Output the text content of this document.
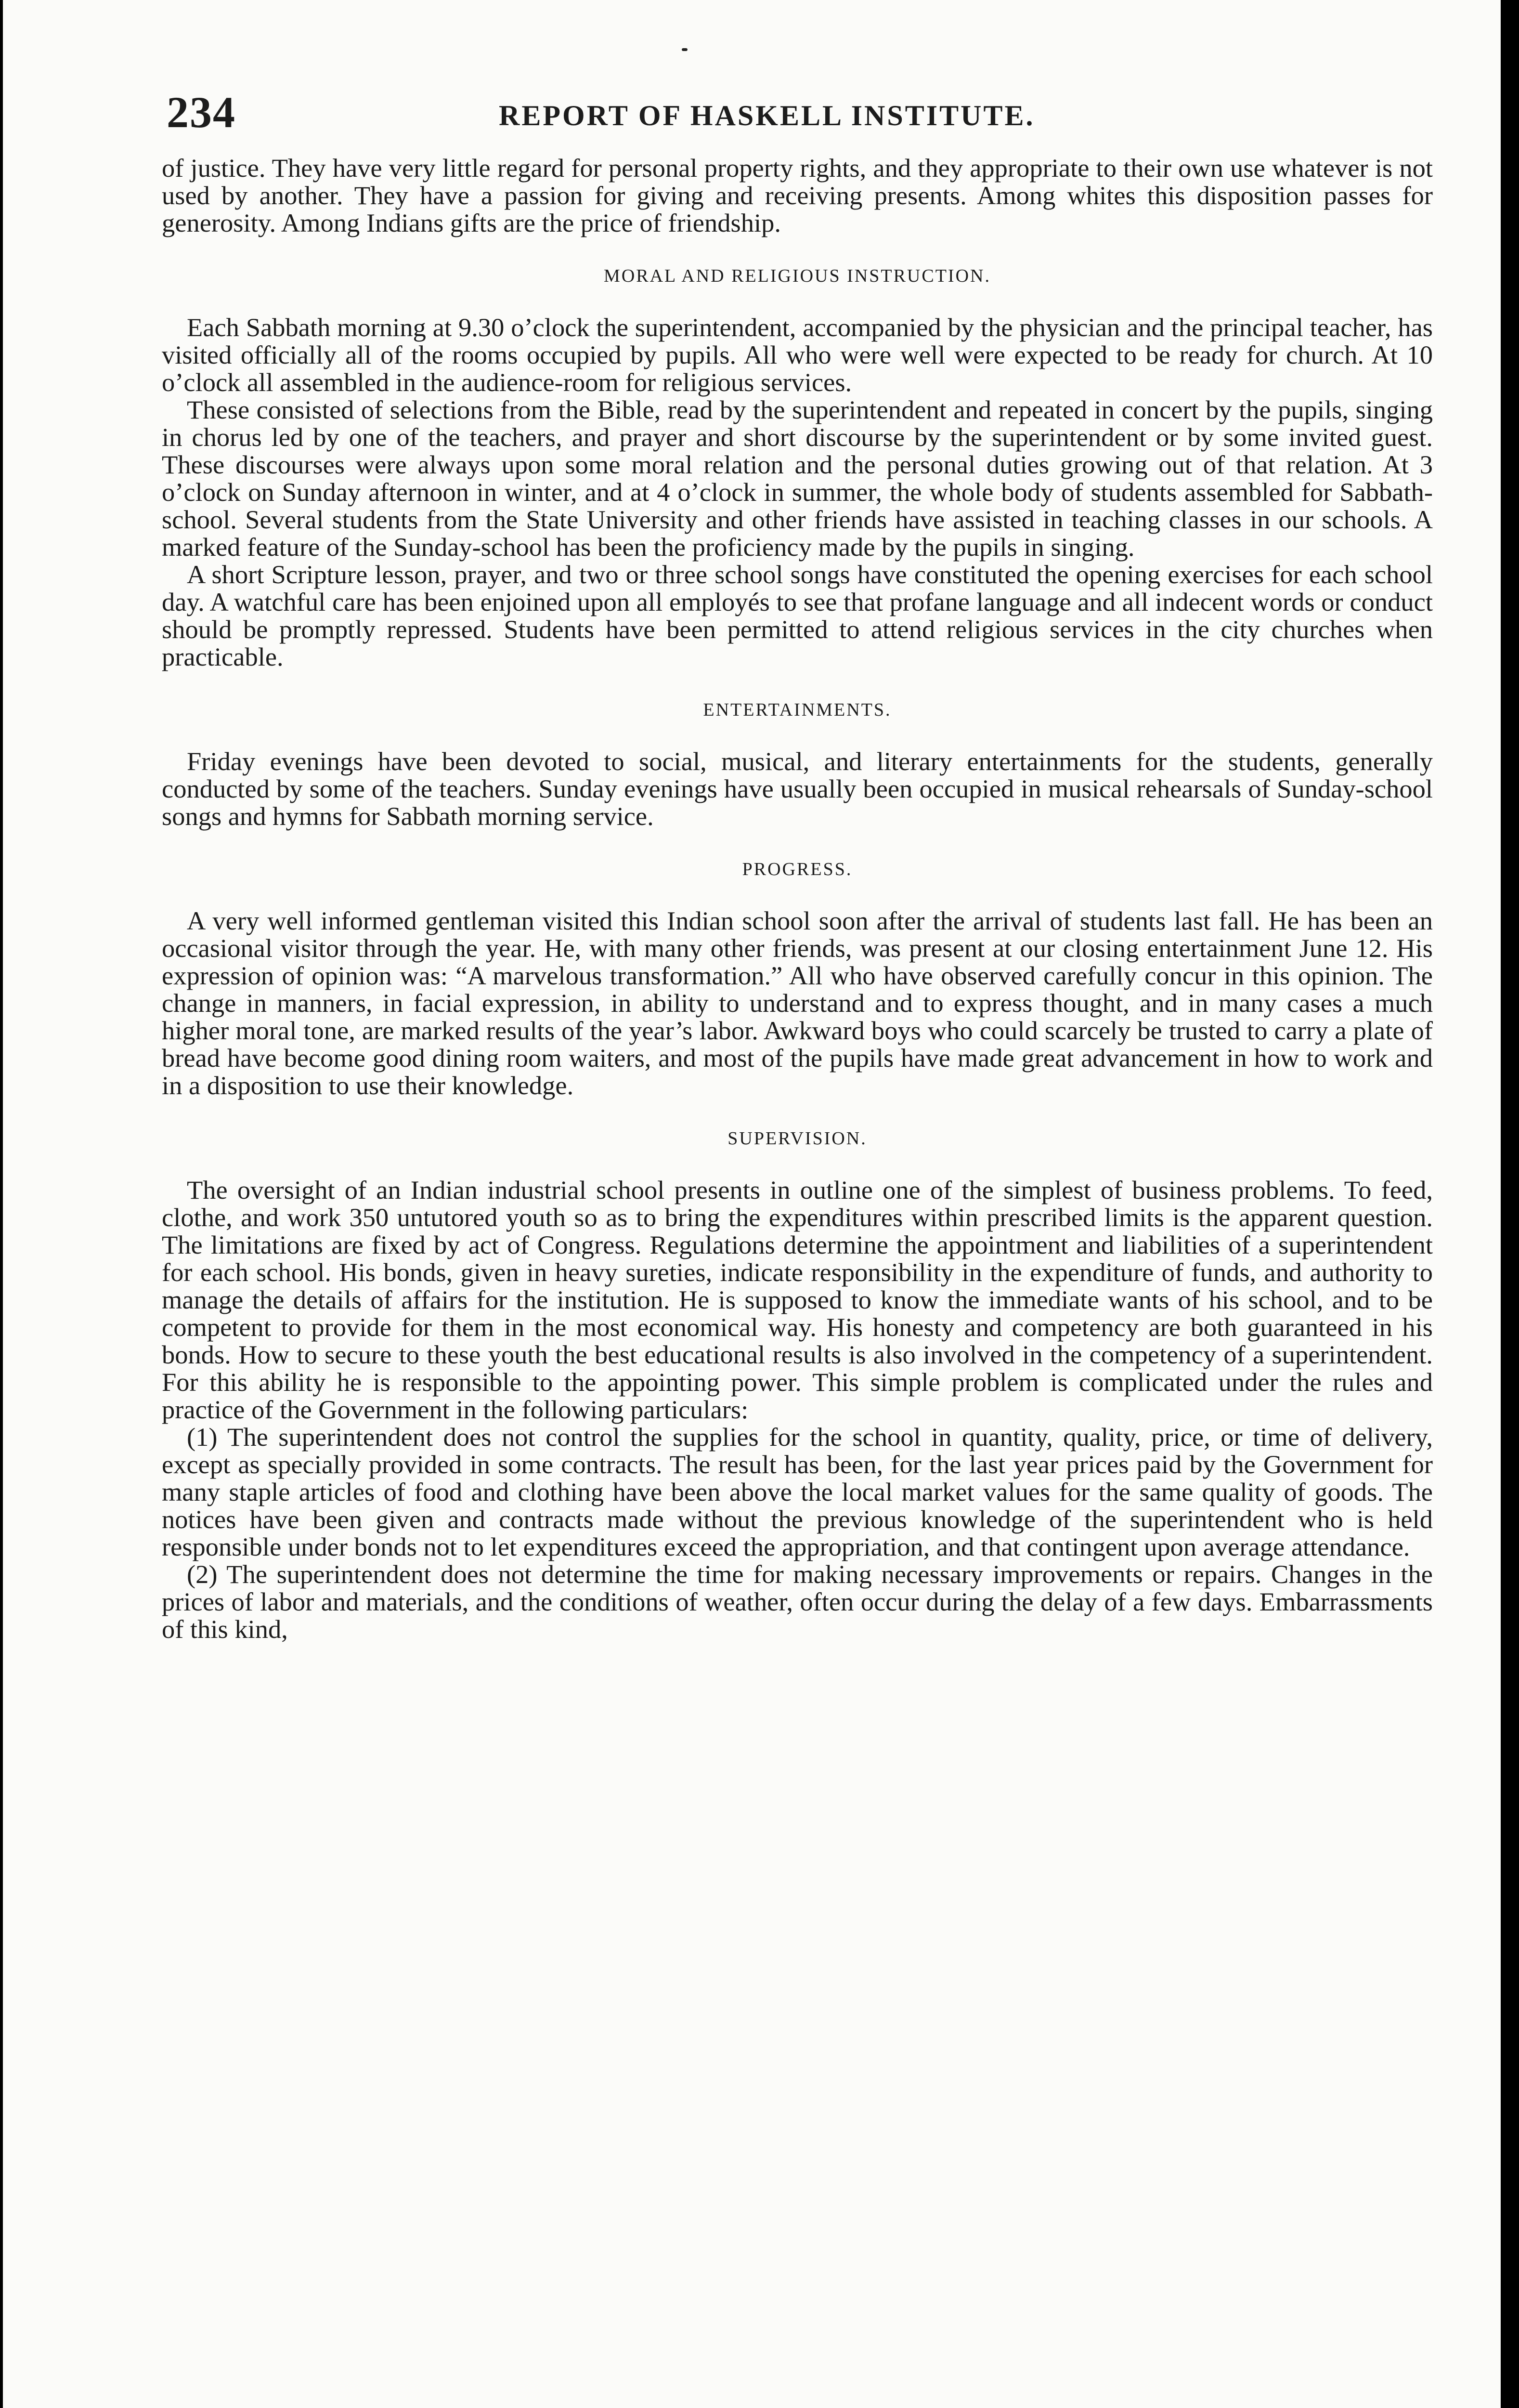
234	REPORT OF HASKELL INSTITUTE.

of justice. They have very little regard for personal property rights, and they appropriate to their own use whatever is not used by another. They have a passion for giving and receiving presents. Among whites this disposition passes for generosity. Among Indians gifts are the price of friendship.

MORAL AND RELIGIOUS INSTRUCTION.

Each Sabbath morning at 9.30 o’clock the superintendent, accompanied by the physician and the principal teacher, has visited officially all of the rooms occupied by pupils. All who were well were expected to be ready for church. At 10 o’clock all assembled in the audience-room for religious services.

These consisted of selections from the Bible, read by the superintendent and repeated in concert by the pupils, singing in chorus led by one of the teachers, and prayer and short discourse by the superintendent or by some invited guest. These discourses were always upon some moral relation and the personal duties growing out of that relation. At 3 o’clock on Sunday afternoon in winter, and at 4 o’clock in summer, the whole body of students assembled for Sabbath-school. Several students from the State University and other friends have assisted in teaching classes in our schools. A marked feature of the Sunday-school has been the proficiency made by the pupils in singing.

A short Scripture lesson, prayer, and two or three school songs have constituted the opening exercises for each school day. A watchful care has been enjoined upon all employés to see that profane language and all indecent words or conduct should be promptly repressed. Students have been permitted to attend religious services in the city churches when practicable.

ENTERTAINMENTS.

Friday evenings have been devoted to social, musical, and literary entertainments for the students, generally conducted by some of the teachers. Sunday evenings have usually been occupied in musical rehearsals of Sunday-school songs and hymns for Sabbath morning service.

PROGRESS.

A very well informed gentleman visited this Indian school soon after the arrival of students last fall. He has been an occasional visitor through the year. He, with many other friends, was present at our closing entertainment June 12. His expression of opinion was: “A marvelous transformation.” All who have observed carefully concur in this opinion. The change in manners, in facial expression, in ability to understand and to express thought, and in many cases a much higher moral tone, are marked results of the year’s labor. Awkward boys who could scarcely be trusted to carry a plate of bread have become good dining room waiters, and most of the pupils have made great advancement in how to work and in a disposition to use their knowledge.

SUPERVISION.

The oversight of an Indian industrial school presents in outline one of the simplest of business problems. To feed, clothe, and work 350 untutored youth so as to bring the expenditures within prescribed limits is the apparent question. The limitations are fixed by act of Congress. Regulations determine the appointment and liabilities of a superintendent for each school. His bonds, given in heavy sureties, indicate responsibility in the expenditure of funds, and authority to manage the details of affairs for the institution. He is supposed to know the immediate wants of his school, and to be competent to provide for them in the most economical way. His honesty and competency are both guaranteed in his bonds. How to secure to these youth the best educational results is also involved in the competency of a superintendent. For this ability he is responsible to the appointing power. This simple problem is complicated under the rules and practice of the Government in the following particulars:

(1) The superintendent does not control the supplies for the school in quantity, quality, price, or time of delivery, except as specially provided in some contracts. The result has been, for the last year prices paid by the Government for many staple articles of food and clothing have been above the local market values for the same quality of goods. The notices have been given and contracts made without the previous knowledge of the superintendent who is held responsible under bonds not to let expenditures exceed the appropriation, and that contingent upon average attendance.

(2) The superintendent does not determine the time for making necessary improvements or repairs. Changes in the prices of labor and materials, and the conditions of weather, often occur during the delay of a few days. Embarrassments of this kind,
